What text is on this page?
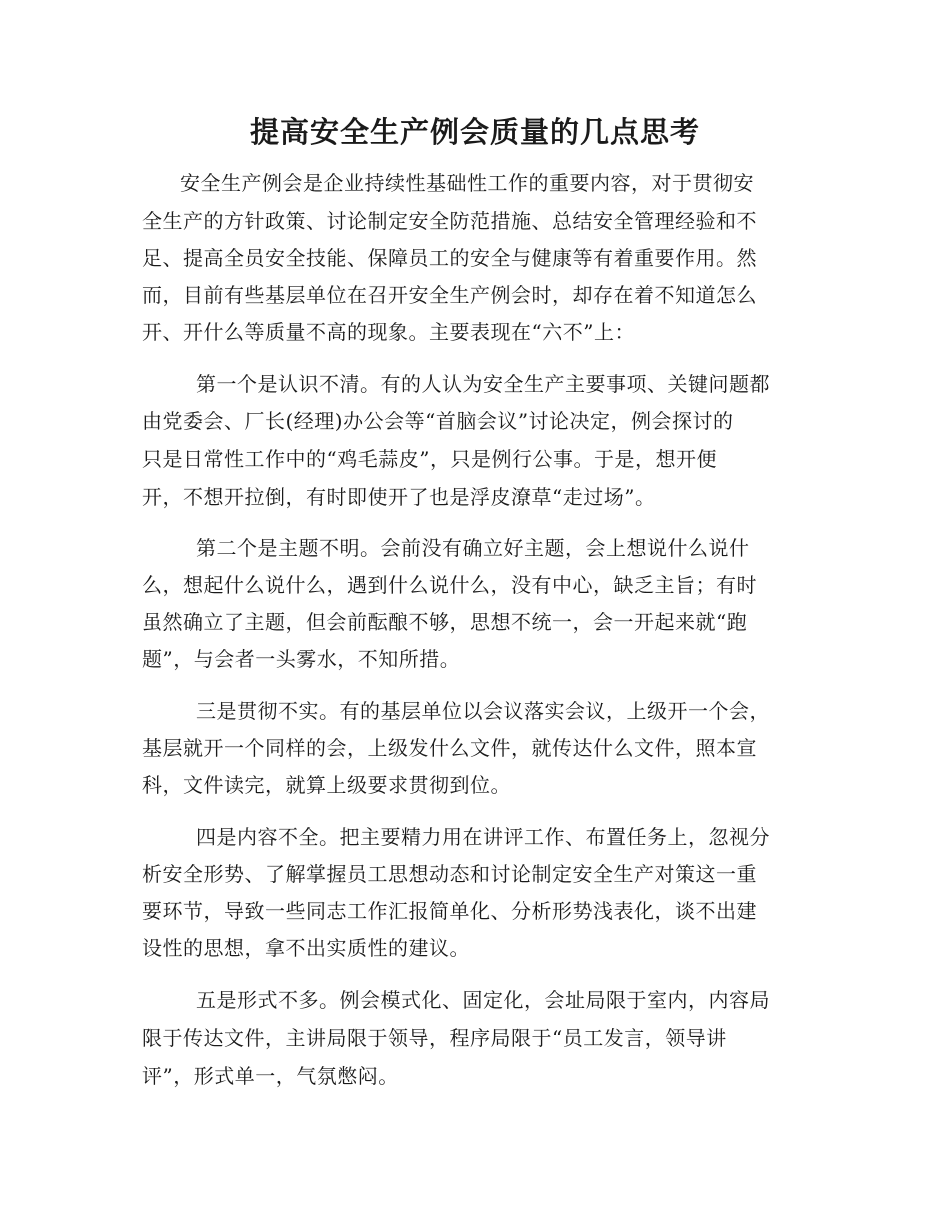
提高安全生产例会质量的几点思考
安全生产例会是企业持续性基础性工作的重要内容，对于贯彻安
全生产的方针政策、讨论制定安全防范措施、总结安全管理经验和不
足、提高全员安全技能、保障员工的安全与健康等有着重要作用。然
而，目前有些基层单位在召开安全生产例会时，却存在着不知道怎么
开、开什么等质量不高的现象。主要表现在“六不”上：
第一个是认识不清。有的人认为安全生产主要事项、关键问题都
由党委会、厂长(经理)办公会等“首脑会议”讨论决定，例会探讨的
只是日常性工作中的“鸡毛蒜皮”，只是例行公事。于是，想开便
开，不想开拉倒，有时即使开了也是浮皮潦草“走过场”。
第二个是主题不明。会前没有确立好主题，会上想说什么说什
么，想起什么说什么，遇到什么说什么，没有中心，缺乏主旨；有时
虽然确立了主题，但会前酝酿不够，思想不统一，会一开起来就“跑
题”，与会者一头雾水，不知所措。
三是贯彻不实。有的基层单位以会议落实会议，上级开一个会，
基层就开一个同样的会，上级发什么文件，就传达什么文件，照本宣
科，文件读完，就算上级要求贯彻到位。
四是内容不全。把主要精力用在讲评工作、布置任务上，忽视分
析安全形势、了解掌握员工思想动态和讨论制定安全生产对策这一重
要环节，导致一些同志工作汇报简单化、分析形势浅表化，谈不出建
设性的思想，拿不出实质性的建议。
五是形式不多。例会模式化、固定化，会址局限于室内，内容局
限于传达文件，主讲局限于领导，程序局限于“员工发言，领导讲
评”，形式单一，气氛憋闷。
